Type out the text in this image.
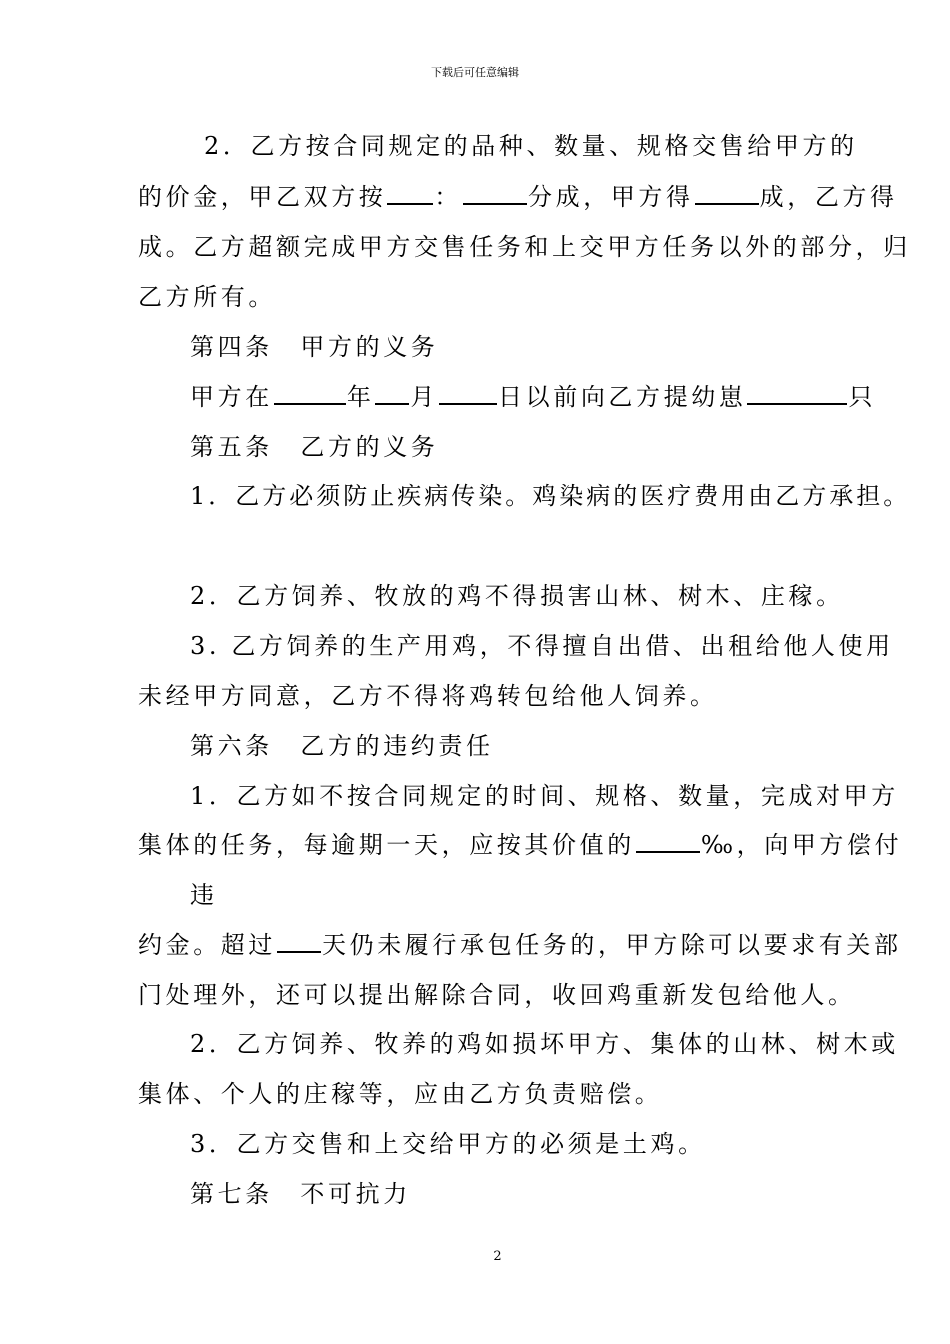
下载后可任意编辑
2．乙方按合同规定的品种、数量、规格交售给甲方的
的价金，甲乙双方按 ：	分成，甲方得	成，乙方得
成。乙方超额完成甲方交售任务和上交甲方任务以外的部分，归
乙方所有。
第四条　甲方的义务
甲方在	年 月	日以前向乙方提幼崽	只
第五条　乙方的义务
1．乙方必须防止疾病传染。鸡染病的医疗费用由乙方承担。
2．乙方饲养、牧放的鸡不得损害山林、树木、庄稼。
3. 乙方饲养的生产用鸡，不得擅自出借、出租给他人使用
未经甲方同意，乙方不得将鸡转包给他人饲养。
第六条　乙方的违约责任
1．乙方如不按合同规定的时间、规格、数量，完成对甲方
集体的任务，每逾期一天，应按其价值的	‰，向甲方偿付
违
约金。超过 天仍未履行承包任务的，甲方除可以要求有关部
门处理外，还可以提出解除合同，收回鸡重新发包给他人。
2．乙方饲养、牧养的鸡如损坏甲方、集体的山林、树木或
集体、个人的庄稼等，应由乙方负责赔偿。
3．乙方交售和上交给甲方的必须是土鸡。
第七条　不可抗力
2
